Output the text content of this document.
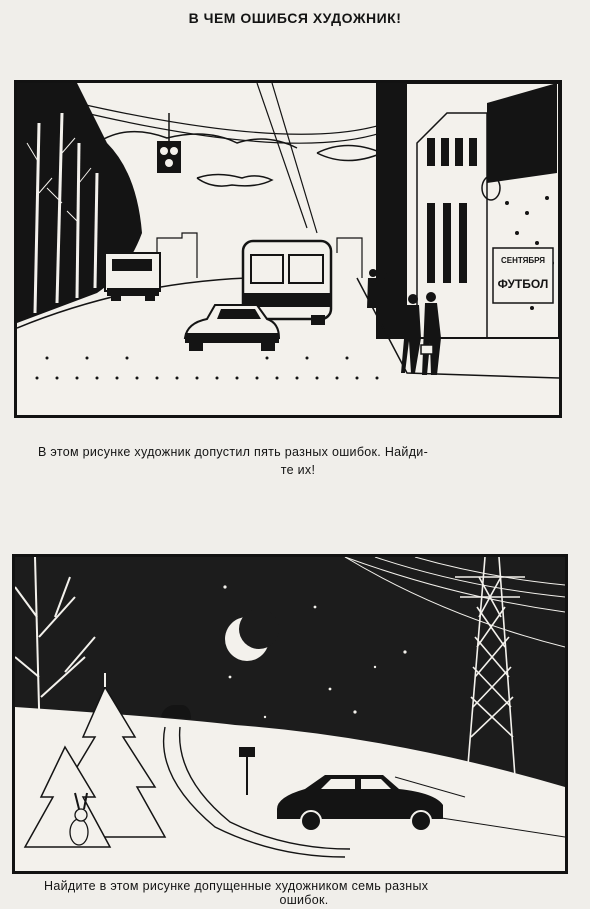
В ЧЕМ ОШИБСЯ ХУДОЖНИК!
СЕНТЯБРЯ
ФУТБОЛ
В этом рисунке художник допустил пять разных ошибок. Найди-
те их!
Найдите в этом рисунке допущенные художником семь разных
ошибок.
